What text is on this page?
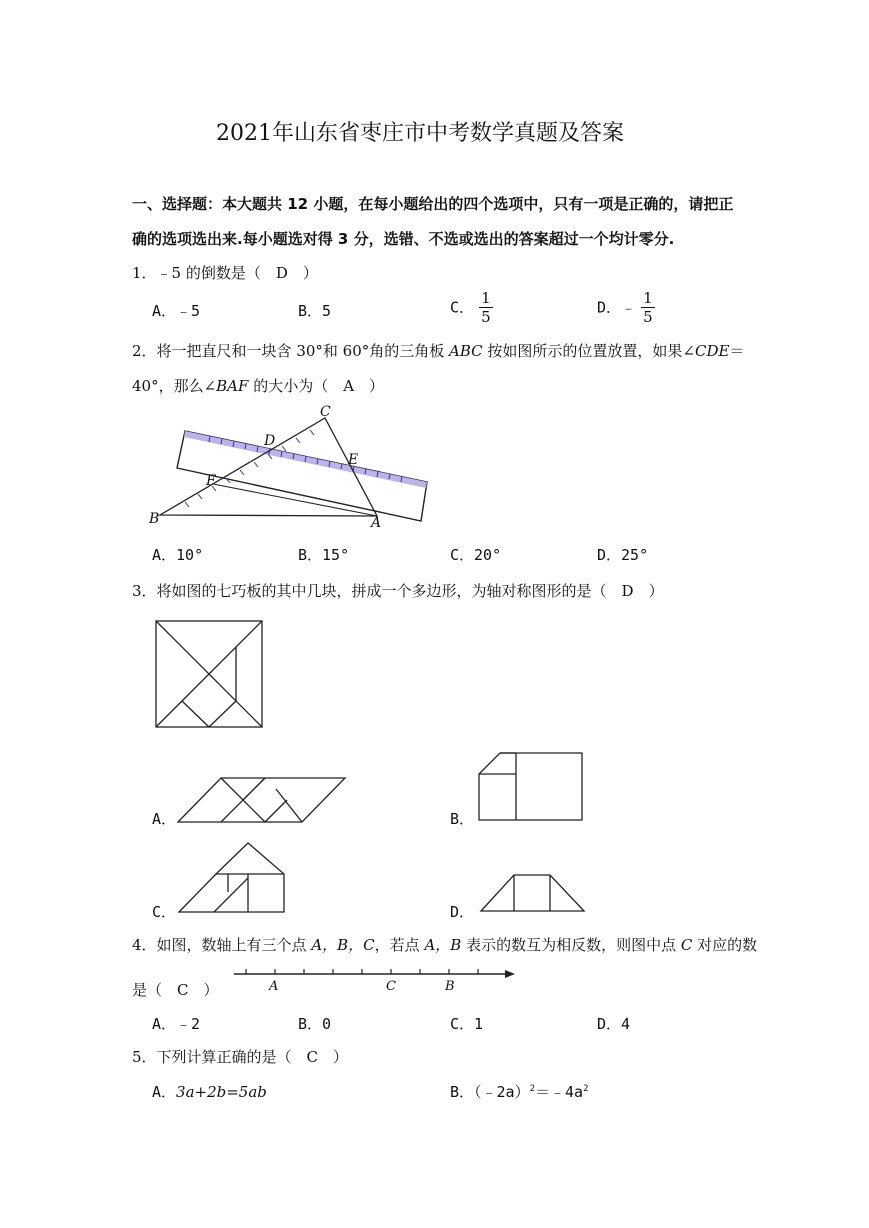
2021年山东省枣庄市中考数学真题及答案
一、选择题：本大题共 12 小题，在每小题给出的四个选项中，只有一项是正确的，请把正
确的选项选出来.每小题选对得 3 分，选错、不选或选出的答案超过一个均计零分.
1．﹣5 的倒数是（　D　）
A．﹣5	B．5	C． $\frac{1}{5}$	D．﹣ $\frac{1}{5}$
2．将一把直尺和一块含 30°和 60°角的三角板 ABC 按如图所示的位置放置，如果∠CDE＝
40°，那么∠BAF 的大小为（　A　）
C
D
E
F
B	A
A．10°	B．15°	C．20°	D．25°
3．将如图的七巧板的其中几块，拼成一个多边形，为轴对称图形的是（　D　）
A．	B．
C．	D．
4．如图，数轴上有三个点 A，B，C，若点 A，B 表示的数互为相反数，则图中点 C 对应的数
是（　C　）	A	C	B
A．﹣2	B．0	C．1	D．4
5．下列计算正确的是（　C　）
A．3a+2b=5ab	B．$(﹣2a)^2=﹣4a^2$
